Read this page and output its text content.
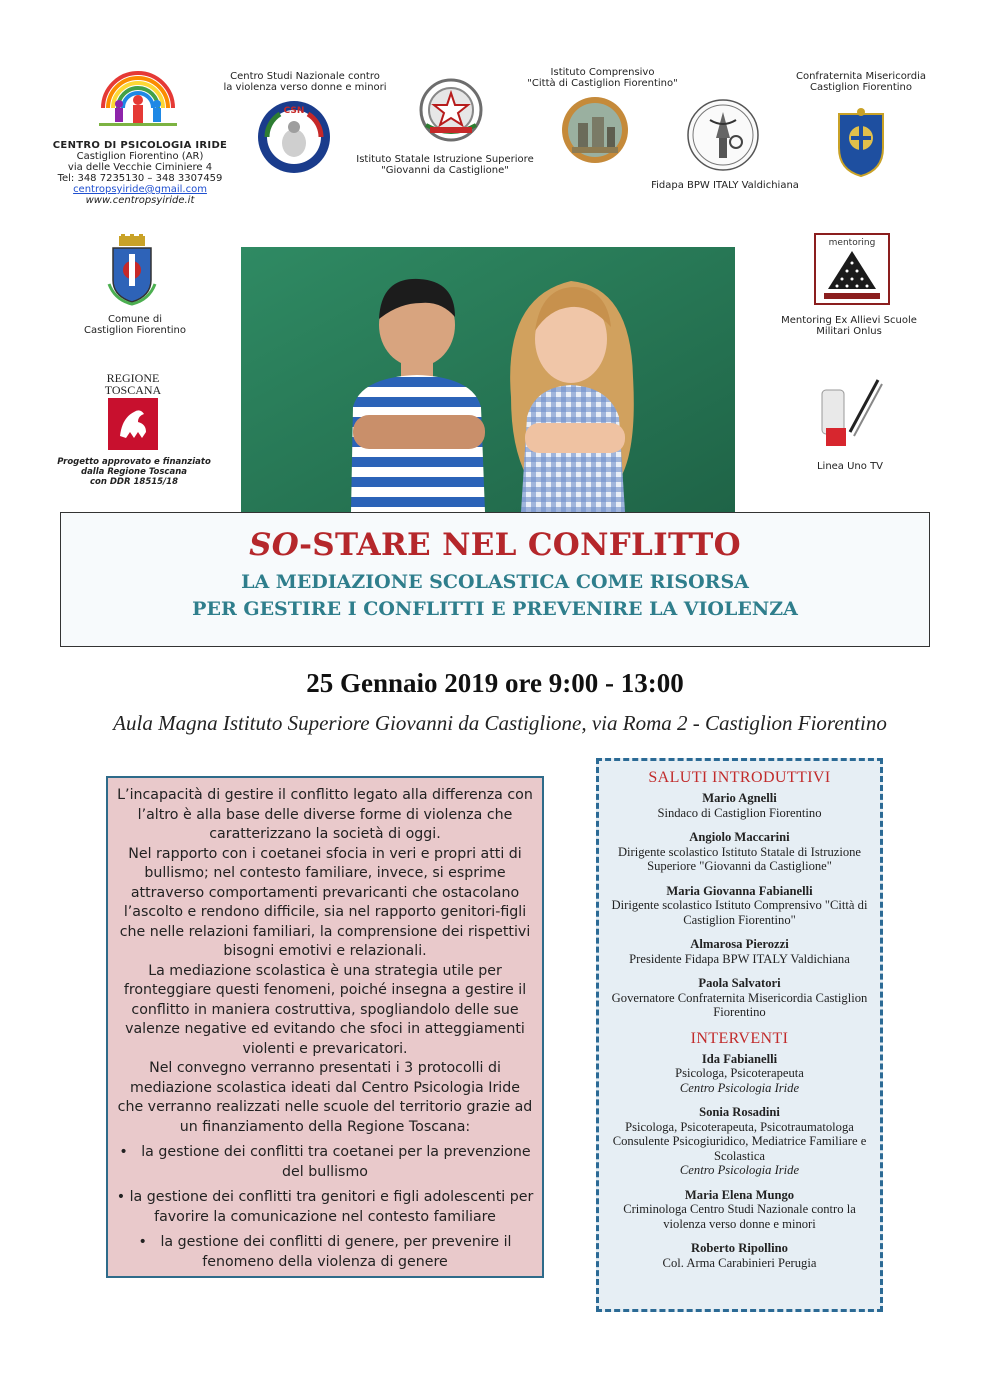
CENTRO DI PSICOLOGIA IRIDE
Castiglion Fiorentino (AR)
via delle Vecchie Ciminiere 4
Tel: 348 7235130 – 348 3307459
centropsyiride@gmail.com
www.centropsyiride.it
Centro Studi Nazionale contro
la violenza verso donne e minori
CSN
Istituto Statale Istruzione Superiore
"Giovanni da Castiglione"
Istituto Comprensivo
"Città di Castiglion Fiorentino"
Fidapa BPW ITALY Valdichiana
Confraternita Misericordia
Castiglion Fiorentino
Comune di
Castiglion Fiorentino
REGIONE
TOSCANA
Progetto approvato e finanziato
dalla Regione Toscana
con DDR 18515/18
mentoring
Mentoring Ex Allievi Scuole
Militari Onlus
Linea Uno TV
SO-STARE NEL CONFLITTO
LA MEDIAZIONE SCOLASTICA COME RISORSA
PER GESTIRE I CONFLITTI E PREVENIRE LA VIOLENZA
25 Gennaio 2019 ore 9:00 - 13:00
Aula Magna Istituto Superiore Giovanni da Castiglione, via Roma 2 - Castiglion Fiorentino

L’incapacità di gestire il conflitto legato alla differenza con l’altro è alla base delle diverse forme di violenza che caratterizzano la società di oggi.

Nel rapporto con i coetanei sfocia in veri e propri atti di bullismo; nel contesto familiare, invece, si esprime attraverso comportamenti prevaricanti che ostacolano l’ascolto e rendono difficile, sia nel rapporto genitori-figli che nelle relazioni familiari, la comprensione dei rispettivi bisogni emotivi e relazionali.

La mediazione scolastica è una strategia utile per fronteggiare questi fenomeni, poiché insegna a gestire il conflitto in maniera costruttiva, spogliandolo delle sue valenze negative ed evitando che sfoci in atteggiamenti violenti e prevaricatori.

Nel convegno verranno presentati i 3 protocolli di mediazione scolastica ideati dal Centro Psicologia Iride che verranno realizzati nelle scuole del territorio grazie ad un finanziamento della Regione Toscana:

•   la gestione dei conflitti tra coetanei per la prevenzione del bullismo
• la gestione dei conflitti tra genitori e figli adolescenti per favorire la comunicazione nel contesto familiare
•   la gestione dei conflitti di genere, per prevenire il fenomeno della violenza di genere
SALUTI INTRODUTTIVI
Mario Agnelli
Sindaco di Castiglion Fiorentino
Angiolo Maccarini
Dirigente scolastico Istituto Statale di Istruzione Superiore "Giovanni da Castiglione"
Maria Giovanna Fabianelli
Dirigente scolastico Istituto Comprensivo "Città di Castiglion Fiorentino"
Almarosa Pierozzi
Presidente Fidapa BPW ITALY Valdichiana
Paola Salvatori
Governatore Confraternita Misericordia Castiglion Fiorentino
INTERVENTI
Ida Fabianelli
Psicologa, Psicoterapeuta
Centro Psicologia Iride
Sonia Rosadini
Psicologa, Psicoterapeuta, Psicotraumatologa Consulente Psicogiuridico, Mediatrice Familiare e Scolastica
Centro Psicologia Iride
Maria Elena Mungo
Criminologa Centro Studi Nazionale contro la violenza verso donne e minori
Roberto Ripollino
Col. Arma Carabinieri Perugia
